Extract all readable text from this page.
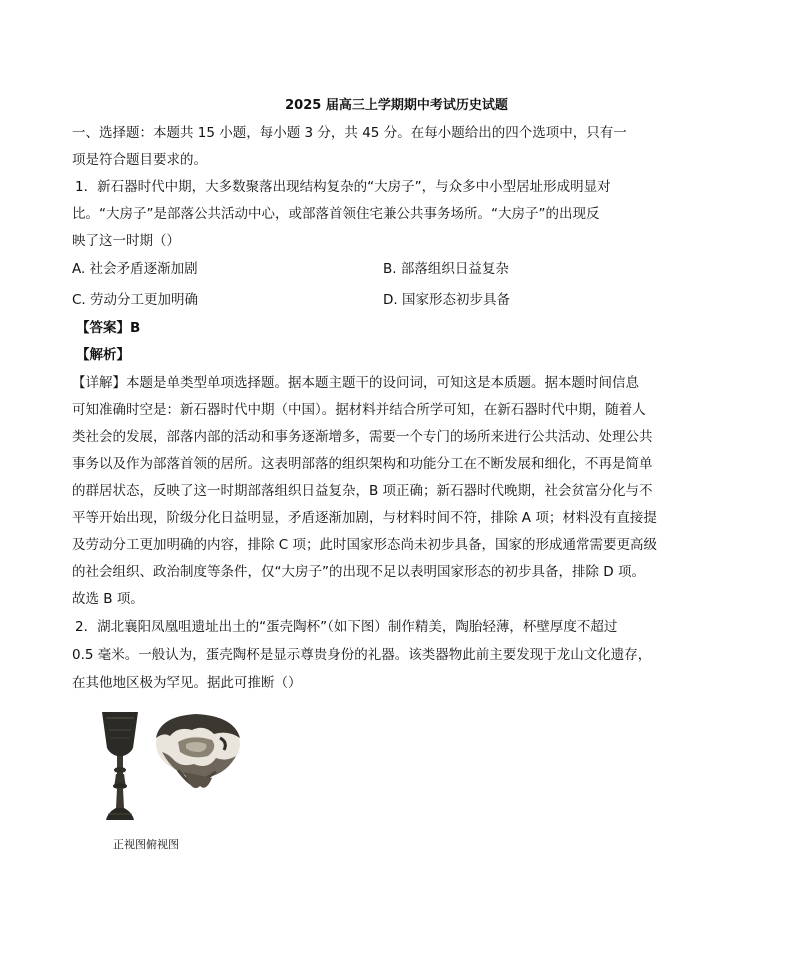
2025 届高三上学期期中考试历史试题
一、选择题：本题共 15 小题，每小题 3 分，共 45 分。在每小题给出的四个选项中，只有一
项是符合题目要求的。
1．新石器时代中期，大多数聚落出现结构复杂的“大房子”，与众多中小型居址形成明显对
比。“大房子”是部落公共活动中心，或部落首领住宅兼公共事务场所。“大房子”的出现反
映了这一时期（）
A. 社会矛盾逐渐加剧	B. 部落组织日益复杂
C. 劳动分工更加明确	D. 国家形态初步具备
【答案】B
【解析】
【详解】本题是单类型单项选择题。据本题主题干的设问词，可知这是本质题。据本题时间信息
可知准确时空是：新石器时代中期（中国）。据材料并结合所学可知，在新石器时代中期，随着人
类社会的发展，部落内部的活动和事务逐渐增多，需要一个专门的场所来进行公共活动、处理公共
事务以及作为部落首领的居所。这表明部落的组织架构和功能分工在不断发展和细化，不再是简单
的群居状态，反映了这一时期部落组织日益复杂，B 项正确；新石器时代晚期，社会贫富分化与不
平等开始出现，阶级分化日益明显，矛盾逐渐加剧，与材料时间不符，排除 A 项；材料没有直接提
及劳动分工更加明确的内容，排除 C 项；此时国家形态尚未初步具备，国家的形成通常需要更高级
的社会组织、政治制度等条件，仅“大房子”的出现不足以表明国家形态的初步具备，排除 D 项。
故选 B 项。
2．湖北襄阳凤凰咀遗址出土的“蛋壳陶杯”（如下图）制作精美，陶胎轻薄，杯壁厚度不超过
0.5 毫米。一般认为，蛋壳陶杯是显示尊贵身份的礼器。该类器物此前主要发现于龙山文化遗存，
在其他地区极为罕见。据此可推断（）
正视图俯视图
